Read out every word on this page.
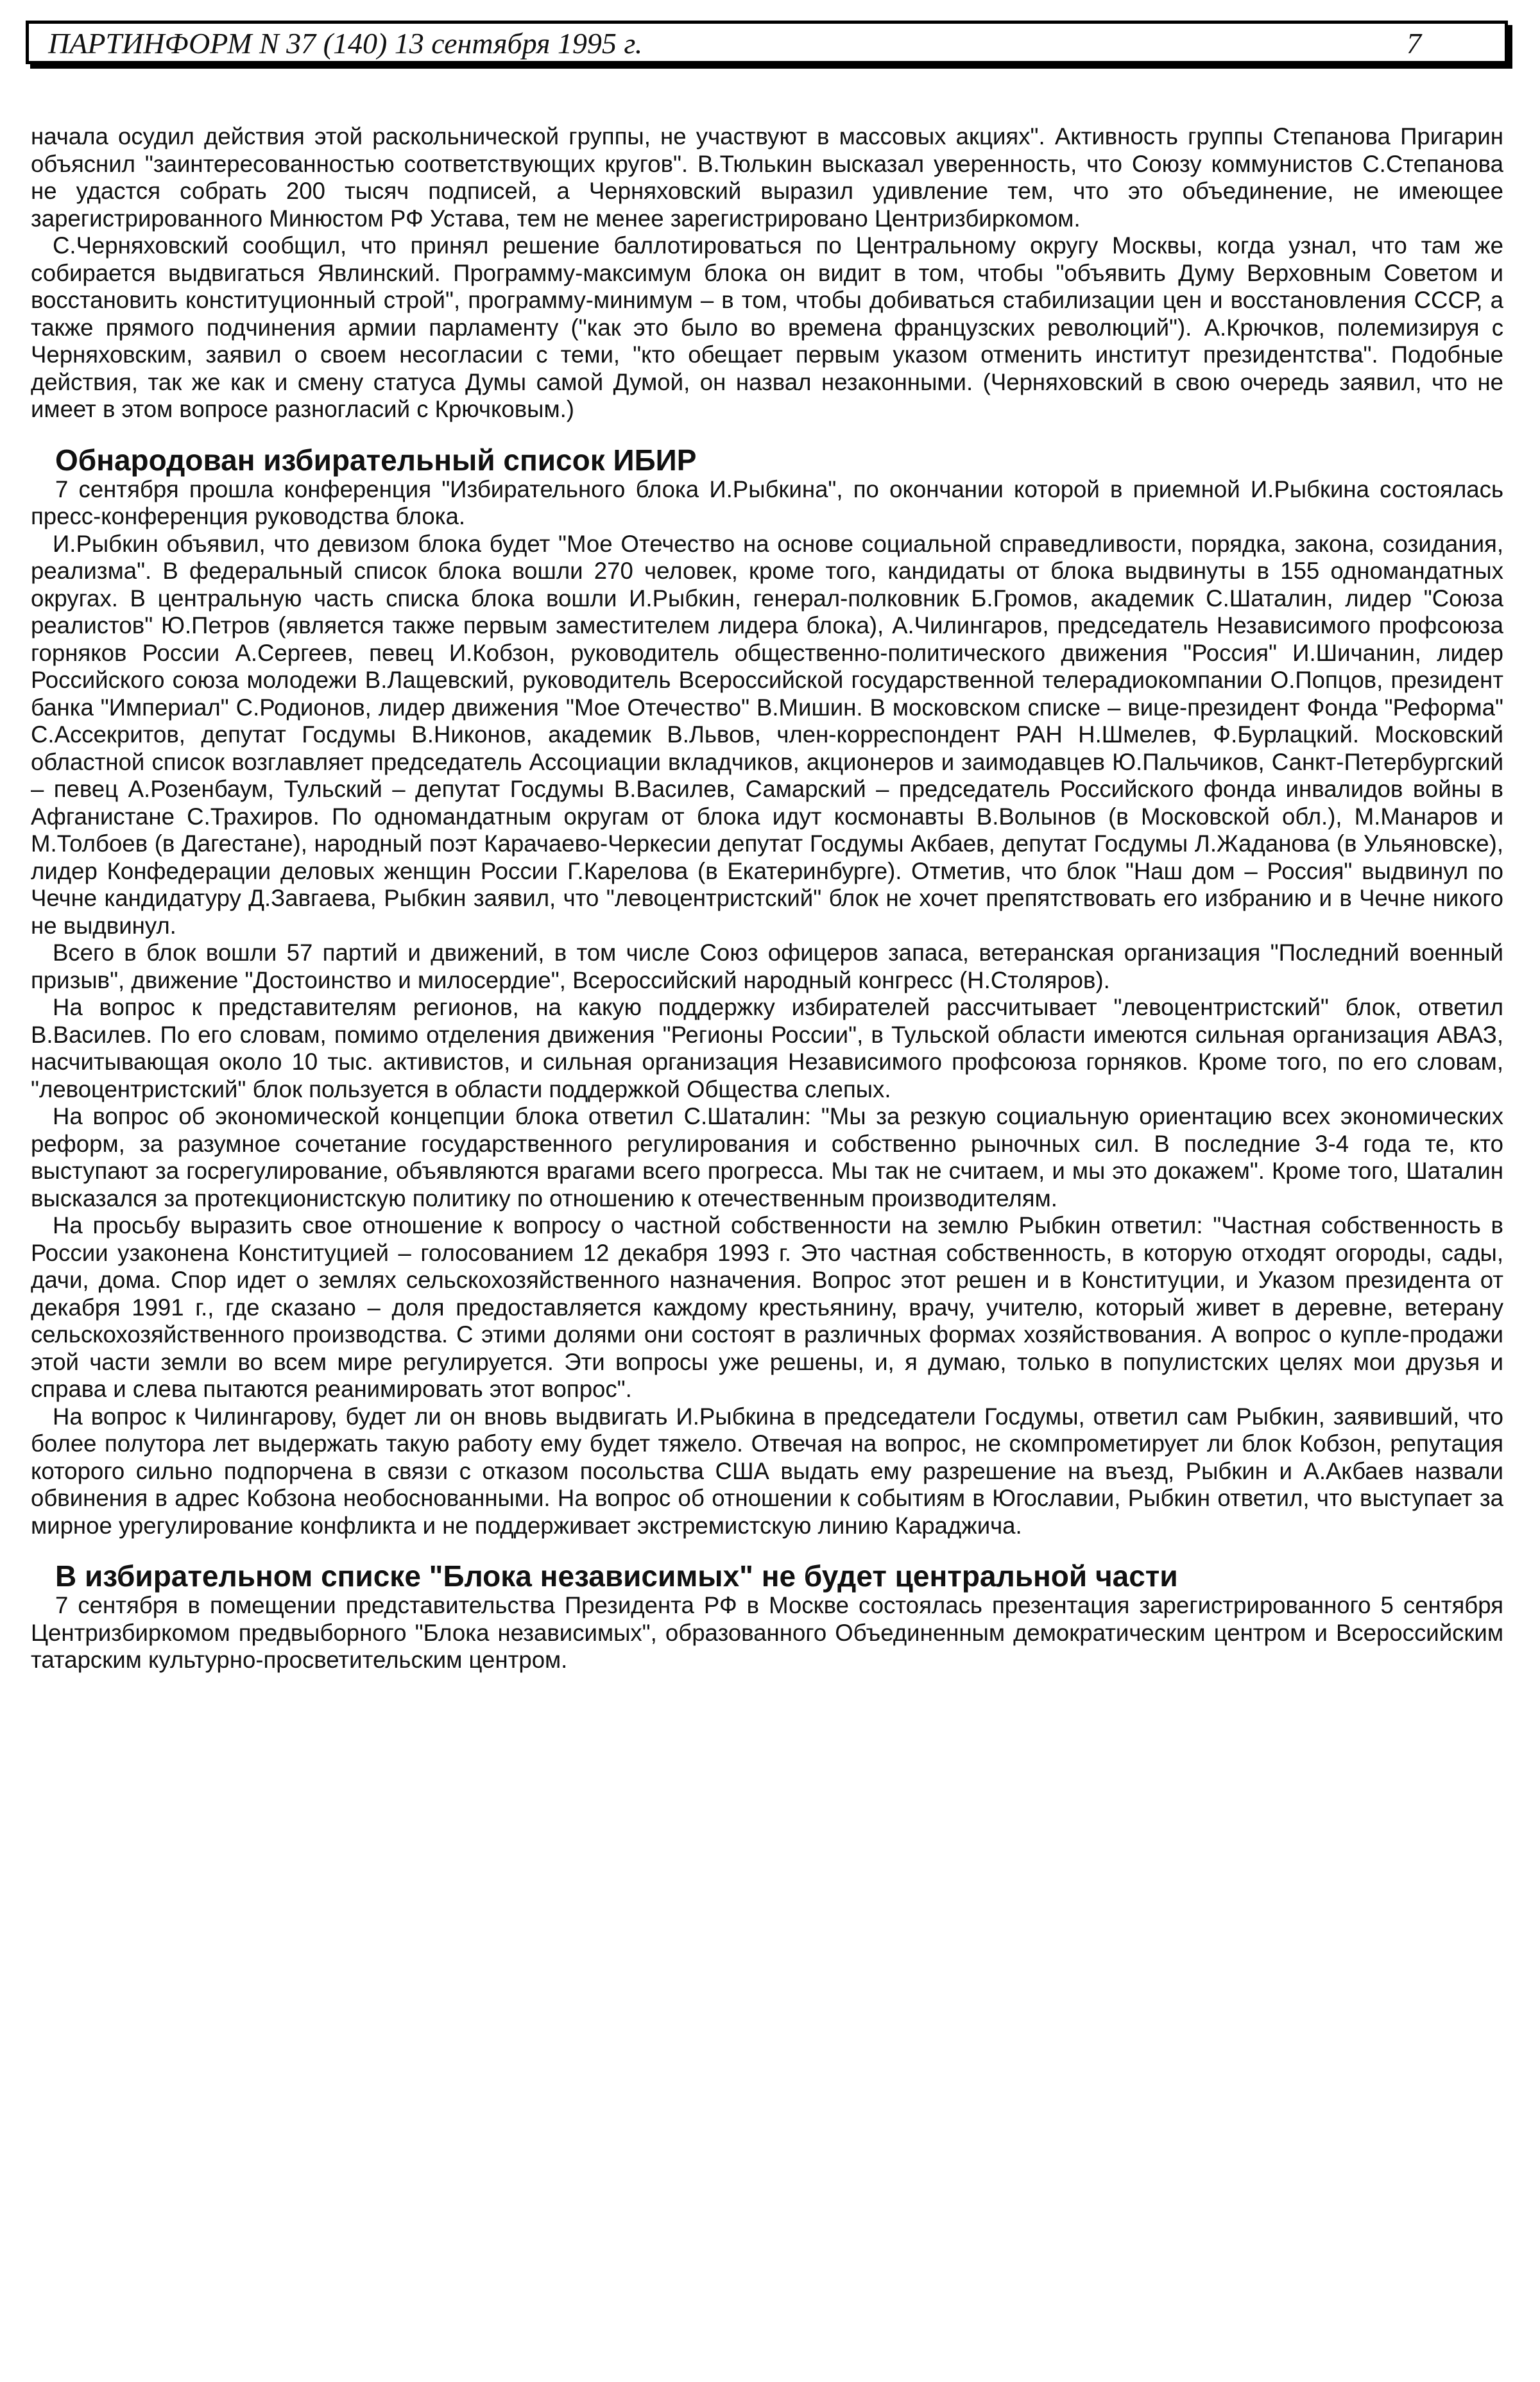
ПАРТИНФОРМ N 37 (140) 13 сентября 1995 г.	7

начала осудил действия этой раскольнической группы, не участвуют в массовых акциях". Активность группы Степанова Пригарин объяснил "заинтересованностью соответствующих кругов". В.Тюлькин высказал уверенность, что Союзу коммунистов С.Степанова не удастся собрать 200 тысяч подписей, а Черняховский выразил удивление тем, что это объединение, не имеющее зарегистрированного Минюстом РФ Устава, тем не менее зарегистрировано Центризбиркомом.

С.Черняховский сообщил, что принял решение баллотироваться по Центральному округу Москвы, когда узнал, что там же собирается выдвигаться Явлинский. Программу-максимум блока он видит в том, чтобы "объявить Думу Верховным Советом и восстановить конституционный строй", программу-минимум – в том, чтобы добиваться стабилизации цен и восстановления СССР, а также прямого подчинения армии парламенту ("как это было во времена французских революций"). А.Крючков, полемизируя с Черняховским, заявил о своем несогласии с теми, "кто обещает первым указом отменить институт президентства". Подобные действия, так же как и смену статуса Думы самой Думой, он назвал незаконными. (Черняховский в свою очередь заявил, что не имеет в этом вопросе разногласий с Крючковым.)

Обнародован избирательный список ИБИР

7 сентября прошла конференция "Избирательного блока И.Рыбкина", по окончании которой в приемной И.Рыбкина состоялась пресс-конференция руководства блока.

И.Рыбкин объявил, что девизом блока будет "Мое Отечество на основе социальной справедливости, порядка, закона, созидания, реализма". В федеральный список блока вошли 270 человек, кроме того, кандидаты от блока выдвинуты в 155 одномандатных округах. В центральную часть списка блока вошли И.Рыбкин, генерал-полковник Б.Громов, академик С.Шаталин, лидер "Союза реалистов" Ю.Петров (является также первым заместителем лидера блока), А.Чилингаров, председатель Независимого профсоюза горняков России А.Сергеев, певец И.Кобзон, руководитель общественно-политического движения "Россия" И.Шичанин, лидер Российского союза молодежи В.Лащевский, руководитель Всероссийской государственной телерадиокомпании О.Попцов, президент банка "Империал" С.Родионов, лидер движения "Мое Отечество" В.Мишин. В московском списке – вице-президент Фонда "Реформа" С.Ассекритов, депутат Госдумы В.Никонов, академик В.Львов, член-корреспондент РАН Н.Шмелев, Ф.Бурлацкий. Московский областной список возглавляет председатель Ассоциации вкладчиков, акционеров и заимодавцев Ю.Пальчиков, Санкт-Петербургский – певец А.Розенбаум, Тульский – депутат Госдумы В.Василев, Самарский – председатель Российского фонда инвалидов войны в Афганистане С.Трахиров. По одномандатным округам от блока идут космонавты В.Волынов (в Московской обл.), М.Манаров и М.Толбоев (в Дагестане), народный поэт Карачаево-Черкесии депутат Госдумы Акбаев, депутат Госдумы Л.Жаданова (в Ульяновске), лидер Конфедерации деловых женщин России Г.Карелова (в Екатеринбурге). Отметив, что блок "Наш дом – Россия" выдвинул по Чечне кандидатуру Д.Завгаева, Рыбкин заявил, что "левоцентристский" блок не хочет препятствовать его избранию и в Чечне никого не выдвинул.

Всего в блок вошли 57 партий и движений, в том числе Союз офицеров запаса, ветеранская организация "Последний военный призыв", движение "Достоинство и милосердие", Всероссийский народный конгресс (Н.Столяров).

На вопрос к представителям регионов, на какую поддержку избирателей рассчитывает "левоцентристский" блок, ответил В.Василев. По его словам, помимо отделения движения "Регионы России", в Тульской области имеются сильная организация АВАЗ, насчитывающая около 10 тыс. активистов, и сильная организация Независимого профсоюза горняков. Кроме того, по его словам, "левоцентристский" блок пользуется в области поддержкой Общества слепых.

На вопрос об экономической концепции блока ответил С.Шаталин: "Мы за резкую социальную ориентацию всех экономических реформ, за разумное сочетание государственного регулирования и собственно рыночных сил. В последние 3-4 года те, кто выступают за госрегулирование, объявляются врагами всего прогресса. Мы так не считаем, и мы это докажем". Кроме того, Шаталин высказался за протекционистскую политику по отношению к отечественным производителям.

На просьбу выразить свое отношение к вопросу о частной собственности на землю Рыбкин ответил: "Частная собственность в России узаконена Конституцией – голосованием 12 декабря 1993 г. Это частная собственность, в которую отходят огороды, сады, дачи, дома. Спор идет о землях сельскохозяйственного назначения. Вопрос этот решен и в Конституции, и Указом президента от декабря 1991 г., где сказано – доля предоставляется каждому крестьянину, врачу, учителю, который живет в деревне, ветерану сельскохозяйственного производства. С этими долями они состоят в различных формах хозяйствования. А вопрос о купле-продажи этой части земли во всем мире регулируется. Эти вопросы уже решены, и, я думаю, только в популистских целях мои друзья и справа и слева пытаются реанимировать этот вопрос".

На вопрос к Чилингарову, будет ли он вновь выдвигать И.Рыбкина в председатели Госдумы, ответил сам Рыбкин, заявивший, что более полутора лет выдержать такую работу ему будет тяжело. Отвечая на вопрос, не скомпрометирует ли блок Кобзон, репутация которого сильно подпорчена в связи с отказом посольства США выдать ему разрешение на въезд, Рыбкин и А.Акбаев назвали обвинения в адрес Кобзона необоснованными. На вопрос об отношении к событиям в Югославии, Рыбкин ответил, что выступает за мирное урегулирование конфликта и не поддерживает экстремистскую линию Караджича.

В избирательном списке "Блока независимых" не будет центральной части

7 сентября в помещении представительства Президента РФ в Москве состоялась презентация зарегистрированного 5 сентября Центризбиркомом предвыборного "Блока независимых", образованного Объединенным демократическим центром и Всероссийским татарским культурно-просветительским центром.
